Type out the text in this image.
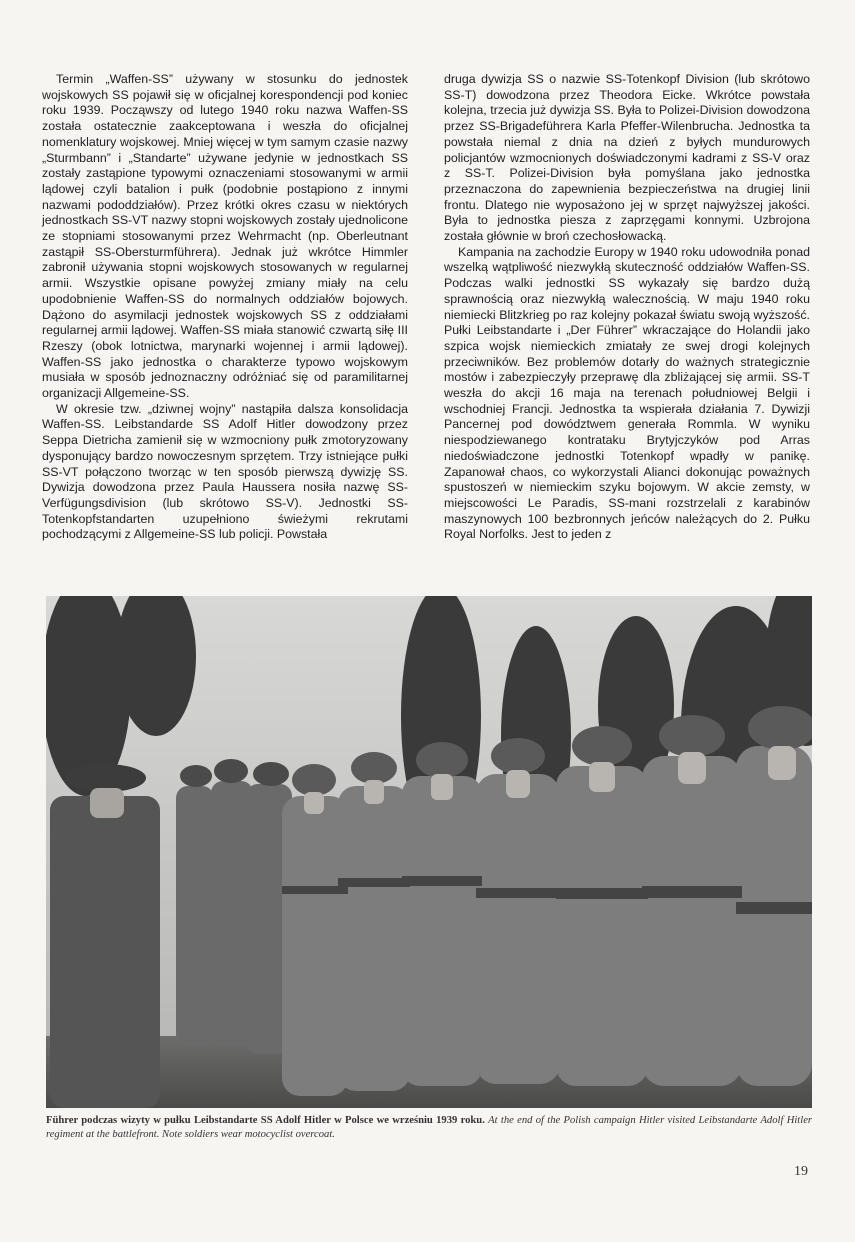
Termin „Waffen-SS” używany w stosunku do jednostek wojskowych SS pojawił się w oficjalnej korespondencji pod koniec roku 1939. Począwszy od lutego 1940 roku nazwa Waffen-SS została ostatecznie zaakceptowana i weszła do oficjalnej nomenklatury wojskowej. Mniej więcej w tym samym czasie nazwy „Sturmbann” i „Standarte” używane jedynie w jednostkach SS zostały zastąpione typowymi oznaczeniami stosowanymi w armii lądowej czyli batalion i pułk (podobnie postąpiono z innymi nazwami pododdziałów). Przez krótki okres czasu w niektórych jednostkach SS-VT nazwy stopni wojskowych zostały ujednolicone ze stopniami stosowanymi przez Wehrmacht (np. Oberleutnant zastąpił SS-Obersturmführera). Jednak już wkrótce Himmler zabronił używania stopni wojskowych stosowanych w regularnej armii. Wszystkie opisane powyżej zmiany miały na celu upodobnienie Waffen-SS do normalnych oddziałów bojowych. Dążono do asymilacji jednostek wojskowych SS z oddziałami regularnej armii lądowej. Waffen-SS miała stanowić czwartą siłę III Rzeszy (obok lotnictwa, marynarki wojennej i armii lądowej). Waffen-SS jako jednostka o charakterze typowo wojskowym musiała w sposób jednoznaczny odróżniać się od paramilitarnej organizacji Allgemeine-SS.

W okresie tzw. „dziwnej wojny” nastąpiła dalsza konsolidacja Waffen-SS. Leibstandarde SS Adolf Hitler dowodzony przez Seppa Dietricha zamienił się w wzmocniony pułk zmotoryzowany dysponujący bardzo nowoczesnym sprzętem. Trzy istniejące pułki SS-VT połączono tworząc w ten sposób pierwszą dywizję SS. Dywizja dowodzona przez Paula Haussera nosiła nazwę SS-Verfügungsdivision (lub skrótowo SS-V). Jednostki SS-Totenkopfstandarten uzupełniono świeżymi rekrutami pochodzącymi z Allgemeine-SS lub policji. Powstała

druga dywizja SS o nazwie SS-Totenkopf Division (lub skrótowo SS-T) dowodzona przez Theodora Eicke. Wkrótce powstała kolejna, trzecia już dywizja SS. Była to Polizei-Division dowodzona przez SS-Brigadeführera Karla Pfeffer-Wilenbrucha. Jednostka ta powstała niemal z dnia na dzień z byłych mundurowych policjantów wzmocnionych doświadczonymi kadrami z SS-V oraz z SS-T. Polizei-Division była pomyślana jako jednostka przeznaczona do zapewnienia bezpieczeństwa na drugiej linii frontu. Dlatego nie wyposażono jej w sprzęt najwyższej jakości. Była to jednostka piesza z zaprzęgami konnymi. Uzbrojona została głównie w broń czechosłowacką.

Kampania na zachodzie Europy w 1940 roku udowodniła ponad wszelką wątpliwość niezwykłą skuteczność oddziałów Waffen-SS. Podczas walki jednostki SS wykazały się bardzo dużą sprawnością oraz niezwykłą walecznością. W maju 1940 roku niemiecki Blitzkrieg po raz kolejny pokazał światu swoją wyższość. Pułki Leibstandarte i „Der Führer” wkraczające do Holandii jako szpica wojsk niemieckich zmiatały ze swej drogi kolejnych przeciwników. Bez problemów dotarły do ważnych strategicznie mostów i zabezpieczyły przeprawę dla zbliżającej się armii. SS-T weszła do akcji 16 maja na terenach południowej Belgii i wschodniej Francji. Jednostka ta wspierała działania 7. Dywizji Pancernej pod dowództwem generała Rommla. W wyniku niespodziewanego kontrataku Brytyjczyków pod Arras niedoświadczone jednostki Totenkopf wpadły w panikę. Zapanował chaos, co wykorzystali Alianci dokonując poważnych spustoszeń w niemieckim szyku bojowym. W akcie zemsty, w miejscowości Le Paradis, SS-mani rozstrzelali z karabinów maszynowych 100 bezbronnych jeńców należących do 2. Pułku Royal Norfolks. Jest to jeden z

Führer podczas wizyty w pułku Leibstandarte SS Adolf Hitler w Polsce we wrześniu 1939 roku. At the end of the Polish campaign Hitler visited Leibstandarte Adolf Hitler regiment at the battlefront. Note soldiers wear motocyclist overcoat.
19
